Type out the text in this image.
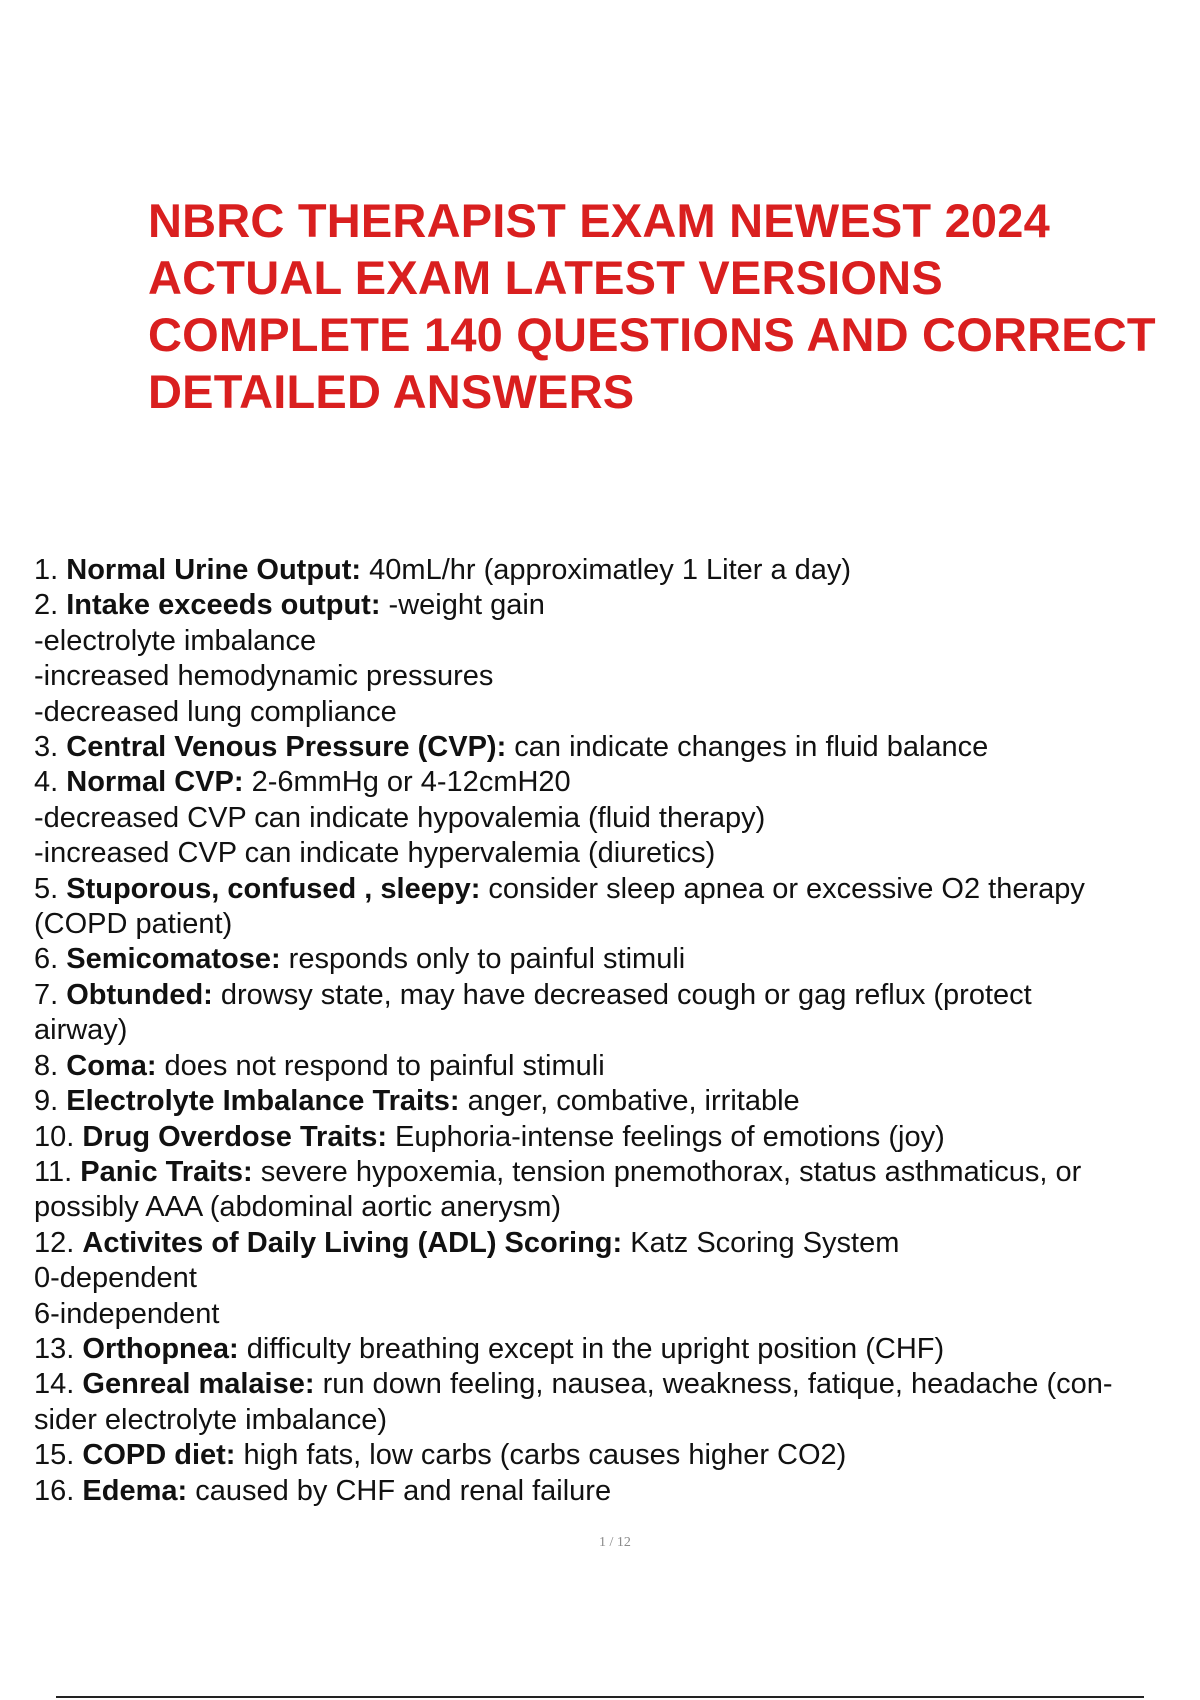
NBRC THERAPIST EXAM NEWEST 2024
ACTUAL EXAM LATEST VERSIONS
COMPLETE 140 QUESTIONS AND CORRECT
DETAILED ANSWERS
1. Normal Urine Output: 40mL/hr (approximatley 1 Liter a day)
2. Intake exceeds output: -weight gain
-electrolyte imbalance
-increased hemodynamic pressures
-decreased lung compliance
3. Central Venous Pressure (CVP): can indicate changes in fluid balance
4. Normal CVP: 2-6mmHg or 4-12cmH20
-decreased CVP can indicate hypovalemia (fluid therapy)
-increased CVP can indicate hypervalemia (diuretics)
5. Stuporous, confused , sleepy: consider sleep apnea or excessive O2 therapy
(COPD patient)
6. Semicomatose: responds only to painful stimuli
7. Obtunded: drowsy state, may have decreased cough or gag reflux (protect
airway)
8. Coma: does not respond to painful stimuli
9. Electrolyte Imbalance Traits: anger, combative, irritable
10. Drug Overdose Traits: Euphoria-intense feelings of emotions (joy)
11. Panic Traits: severe hypoxemia, tension pnemothorax, status asthmaticus, or
possibly AAA (abdominal aortic anerysm)
12. Activites of Daily Living (ADL) Scoring: Katz Scoring System
0-dependent
6-independent
13. Orthopnea: difficulty breathing except in the upright position (CHF)
14. Genreal malaise: run down feeling, nausea, weakness, fatique, headache (con-
sider electrolyte imbalance)
15. COPD diet: high fats, low carbs (carbs causes higher CO2)
16. Edema: caused by CHF and renal failure
1 / 12
